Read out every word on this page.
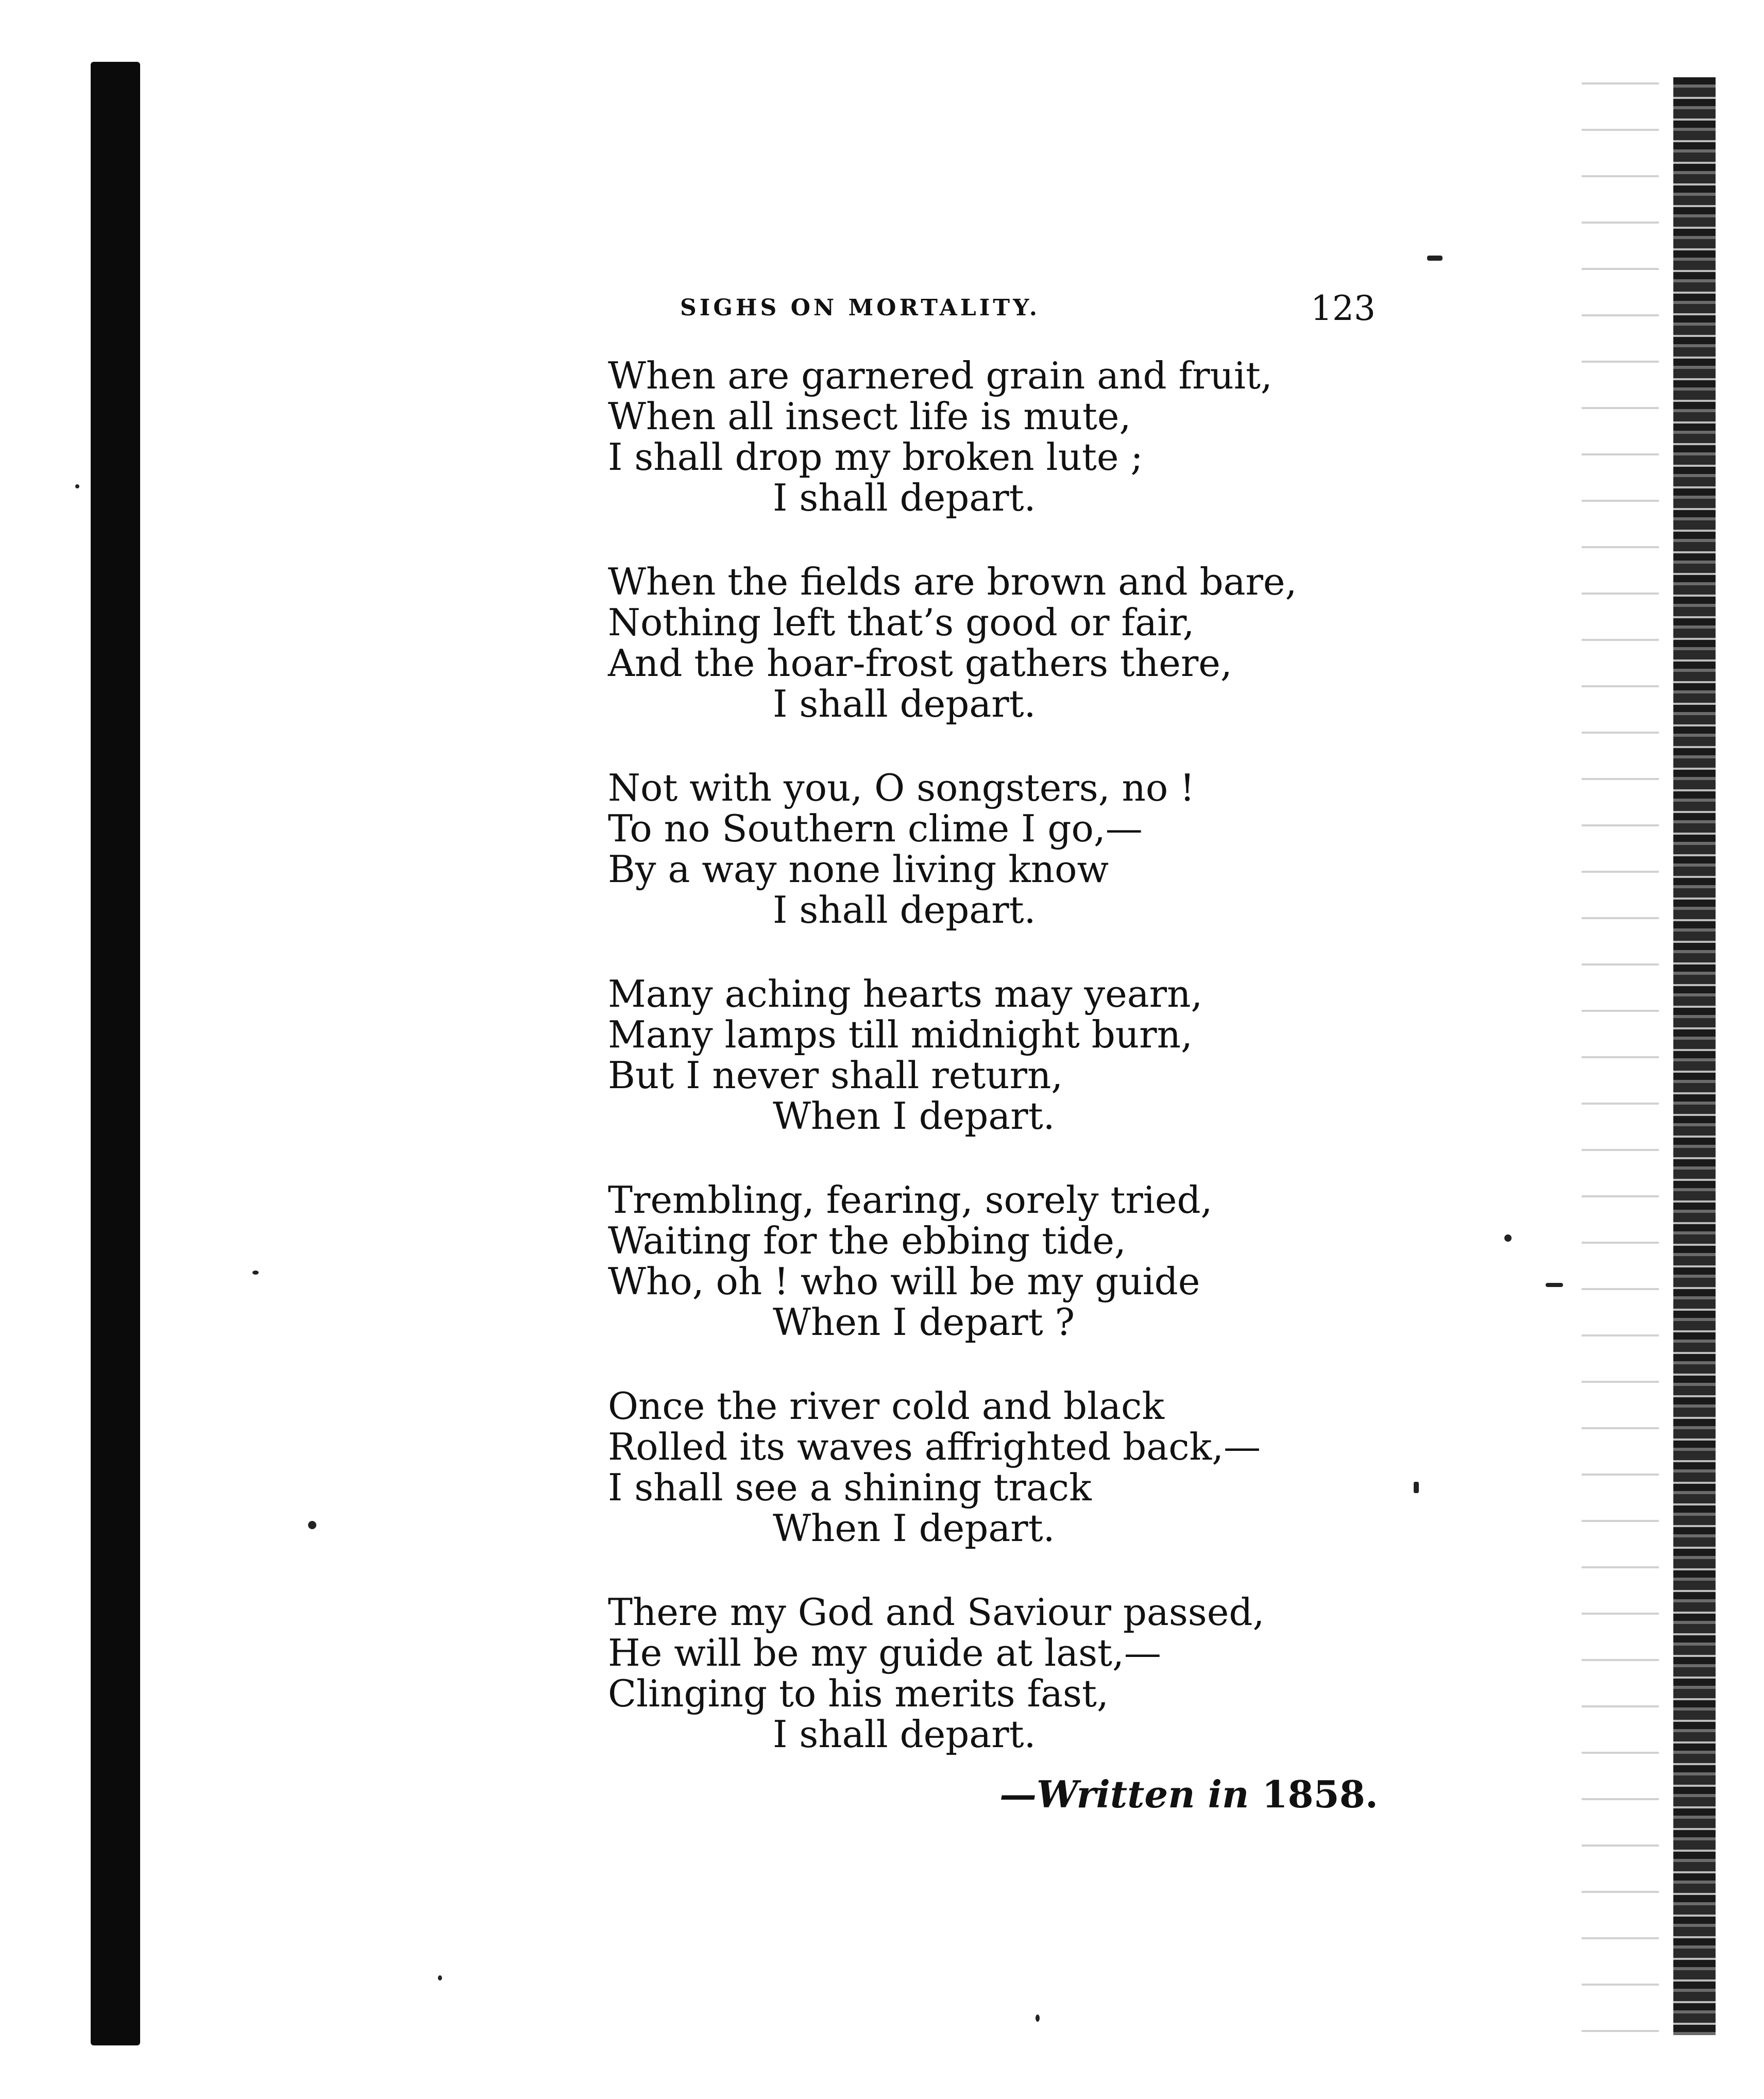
SIGHS ON MORTALITY.	123
When are garnered grain and fruit,
When all insect life is mute,
I shall drop my broken lute ;
I shall depart.
When the fields are brown and bare,
Nothing left that’s good or fair,
And the hoar-frost gathers there,
I shall depart.
Not with you, O songsters, no !
To no Southern clime I go,—
By a way none living know
I shall depart.
Many aching hearts may yearn,
Many lamps till midnight burn,
But I never shall return,
When I depart.
Trembling, fearing, sorely tried,
Waiting for the ebbing tide,
Who, oh ! who will be my guide
When I depart ?
Once the river cold and black
Rolled its waves affrighted back,—
I shall see a shining track
When I depart.
There my God and Saviour passed,
He will be my guide at last,—
Clinging to his merits fast,
I shall depart.
—Written in 1858.
